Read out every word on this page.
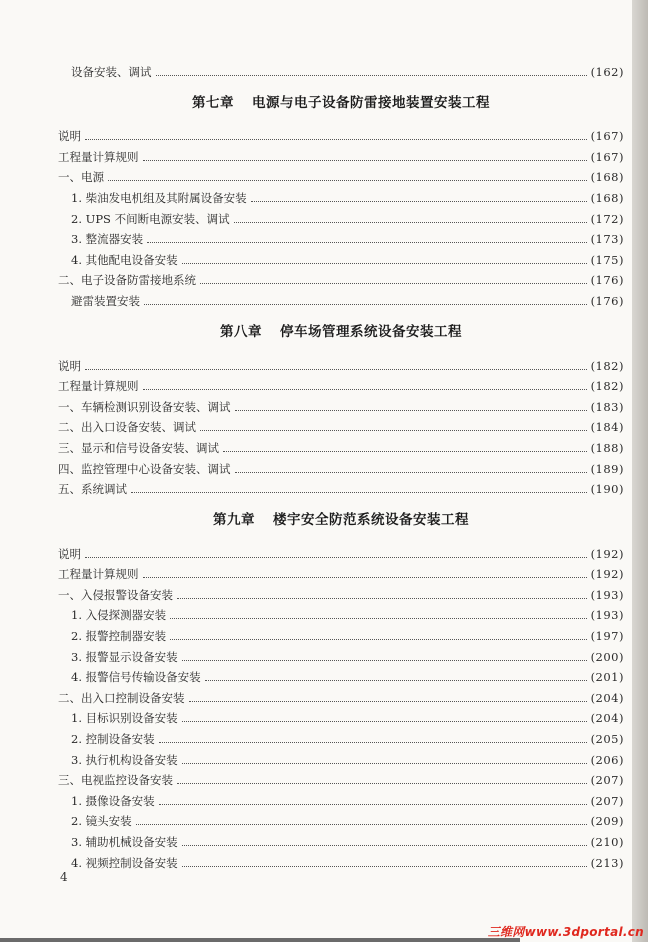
设备安装、调试	(162)
第七章 电源与电子设备防雷接地装置安装工程
说明	(167)
工程量计算规则	(167)
一、电源	(168)
1. 柴油发电机组及其附属设备安装	(168)
2. UPS 不间断电源安装、调试	(172)
3. 整流器安装	(173)
4. 其他配电设备安装	(175)
二、电子设备防雷接地系统	(176)
避雷装置安装	(176)
第八章 停车场管理系统设备安装工程
说明	(182)
工程量计算规则	(182)
一、车辆检测识别设备安装、调试	(183)
二、出入口设备安装、调试	(184)
三、显示和信号设备安装、调试	(188)
四、监控管理中心设备安装、调试	(189)
五、系统调试	(190)
第九章 楼宇安全防范系统设备安装工程
说明	(192)
工程量计算规则	(192)
一、入侵报警设备安装	(193)
1. 入侵探测器安装	(193)
2. 报警控制器安装	(197)
3. 报警显示设备安装	(200)
4. 报警信号传输设备安装	(201)
二、出入口控制设备安装	(204)
1. 目标识别设备安装	(204)
2. 控制设备安装	(205)
3. 执行机构设备安装	(206)
三、电视监控设备安装	(207)
1. 摄像设备安装	(207)
2. 镜头安装	(209)
3. 辅助机械设备安装	(210)
4. 视频控制设备安装	(213)
4
三维网www.3dportal.cn
